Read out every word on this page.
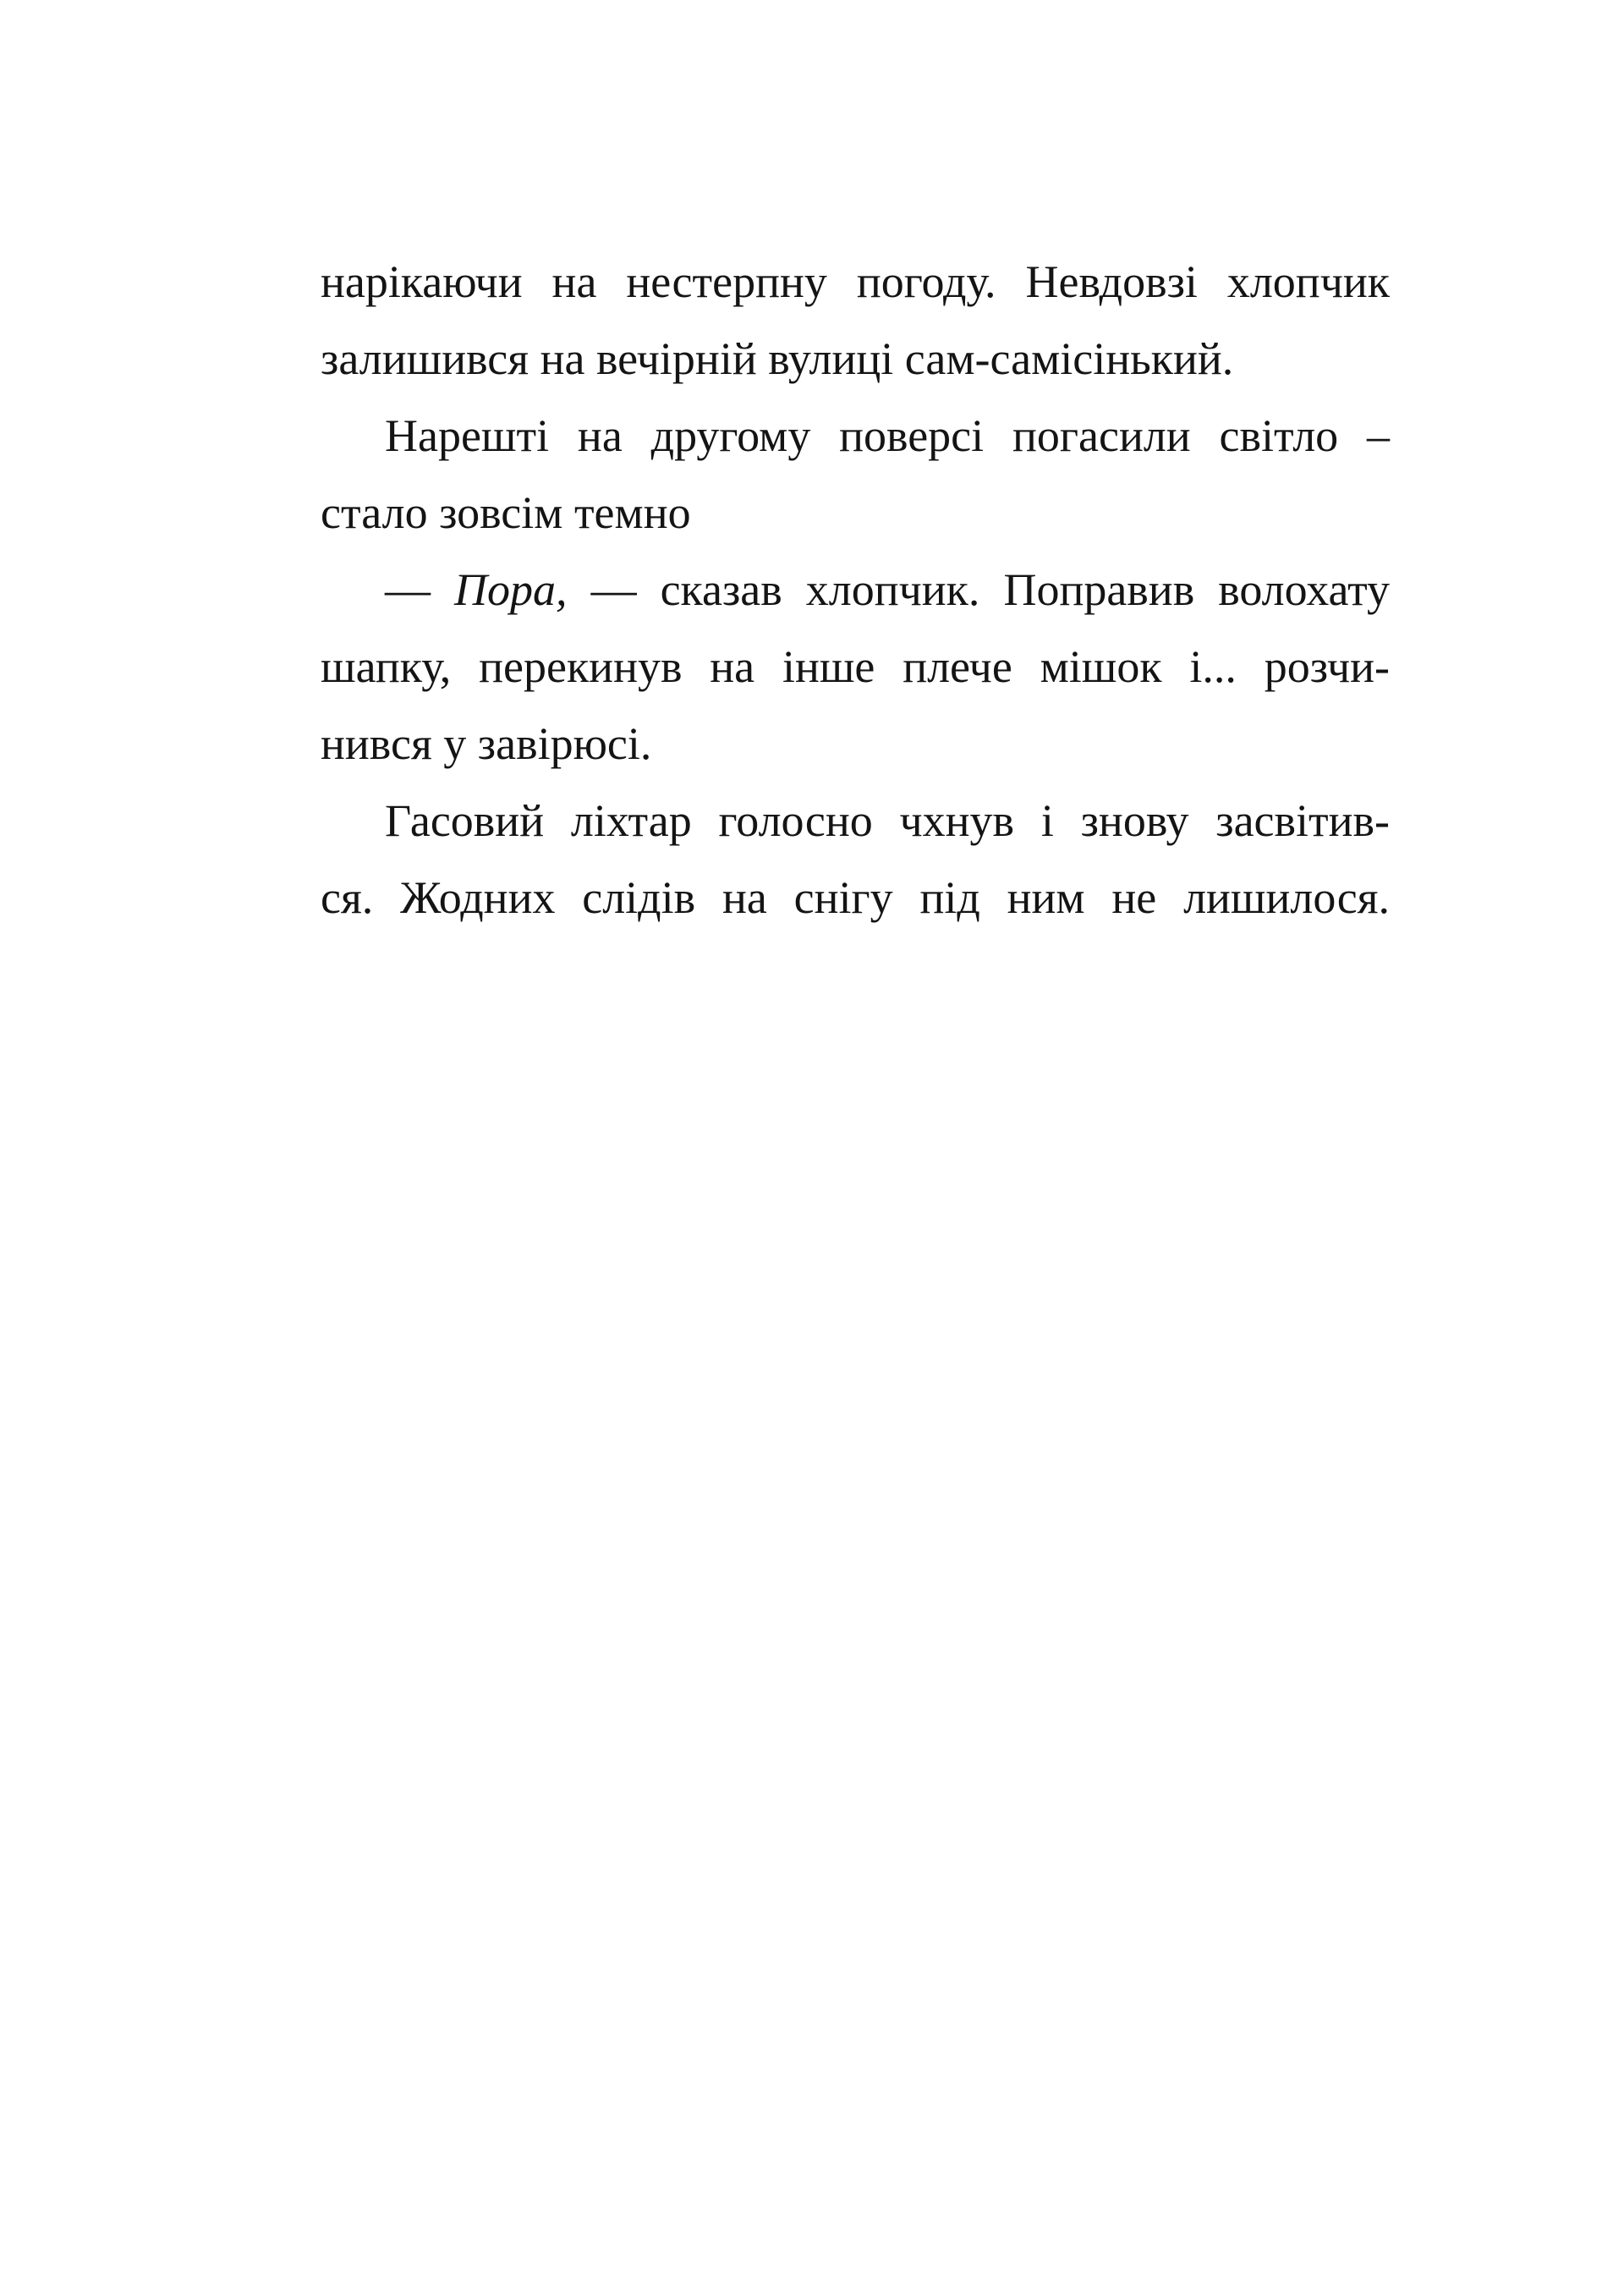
нарікаючи на нестерпну погоду. Невдовзі хлопчик
залишився на вечірній вулиці сам-самісінький.
Нарешті на другому поверсі погасили світло –
стало зовсім темно
— Пора, — сказав хлопчик. Поправив волохату
шапку, перекинув на інше плече мішок і... розчи-
нився у завірюсі.
Гасовий ліхтар голосно чхнув і знову засвітив-
ся. Жодних слідів на снігу під ним не лишилося.
